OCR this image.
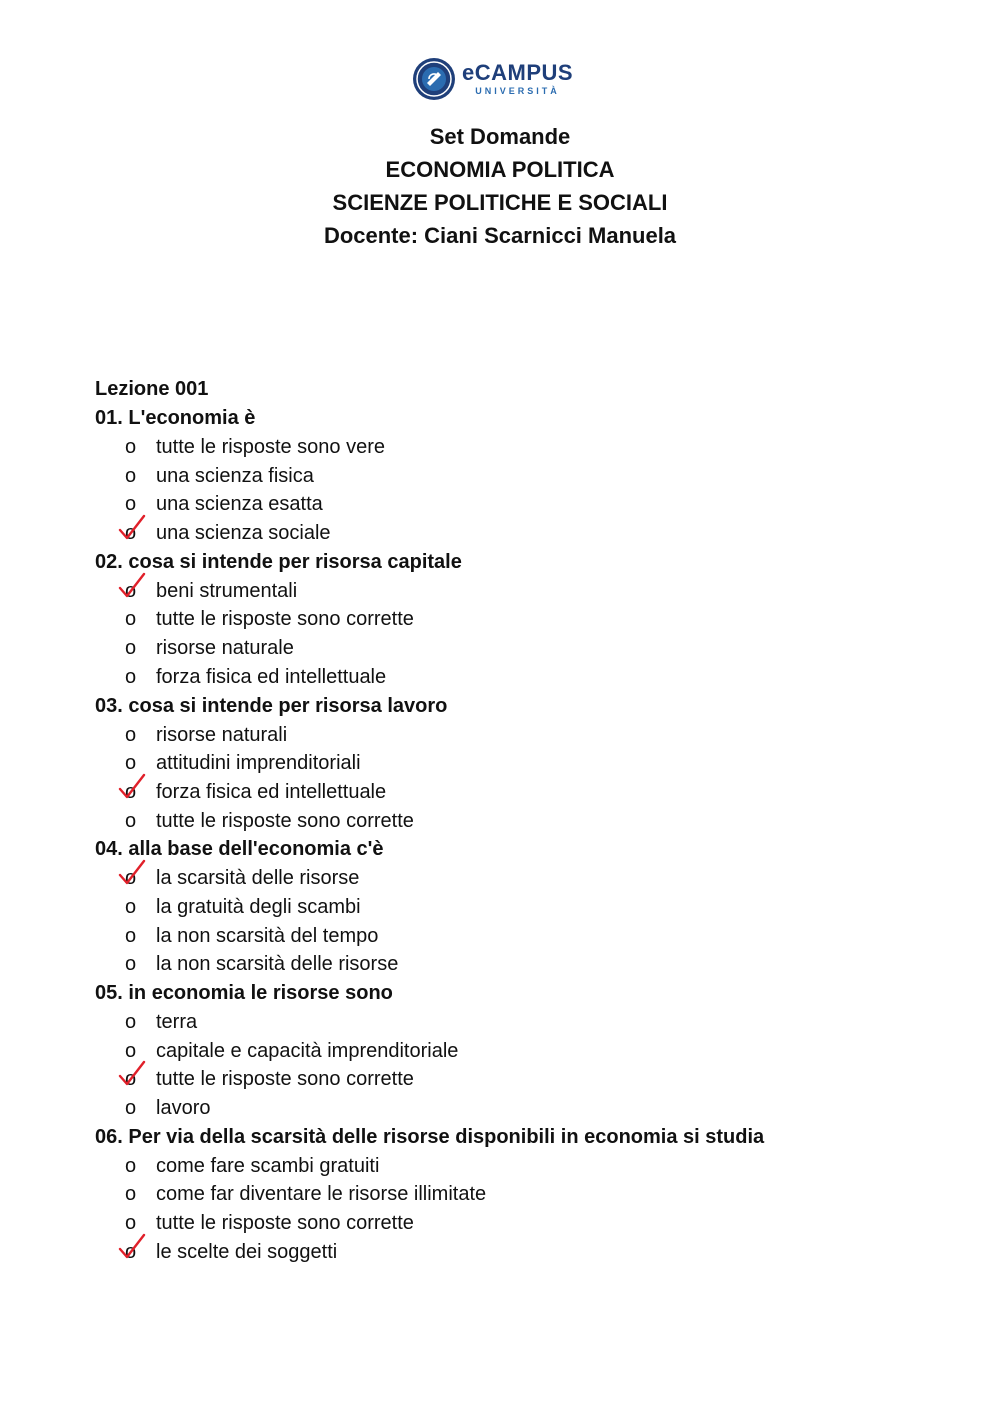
eCAMPUS
UNIVERSITÀ
Set Domande
ECONOMIA POLITICA
SCIENZE POLITICHE E SOCIALI
Docente: Ciani Scarnicci Manuela
Lezione 001
01. L'economia è
o tutte le risposte sono vere
o una scienza fisica
o una scienza esatta
o una scienza sociale
02. cosa si intende per risorsa capitale
o beni strumentali
o tutte le risposte sono corrette
o risorse naturale
o forza fisica ed intellettuale
03. cosa si intende per risorsa lavoro
o risorse naturali
o attitudini imprenditoriali
o forza fisica ed intellettuale
o tutte le risposte sono corrette
04. alla base dell'economia c'è
o la scarsità delle risorse
o la gratuità degli scambi
o la non scarsità del tempo
o la non scarsità delle risorse
05. in economia le risorse sono
o terra
o capitale e capacità imprenditoriale
o tutte le risposte sono corrette
o lavoro
06. Per via della scarsità delle risorse disponibili in economia si studia
o come fare scambi gratuiti
o come far diventare le risorse illimitate
o tutte le risposte sono corrette
o le scelte dei soggetti
